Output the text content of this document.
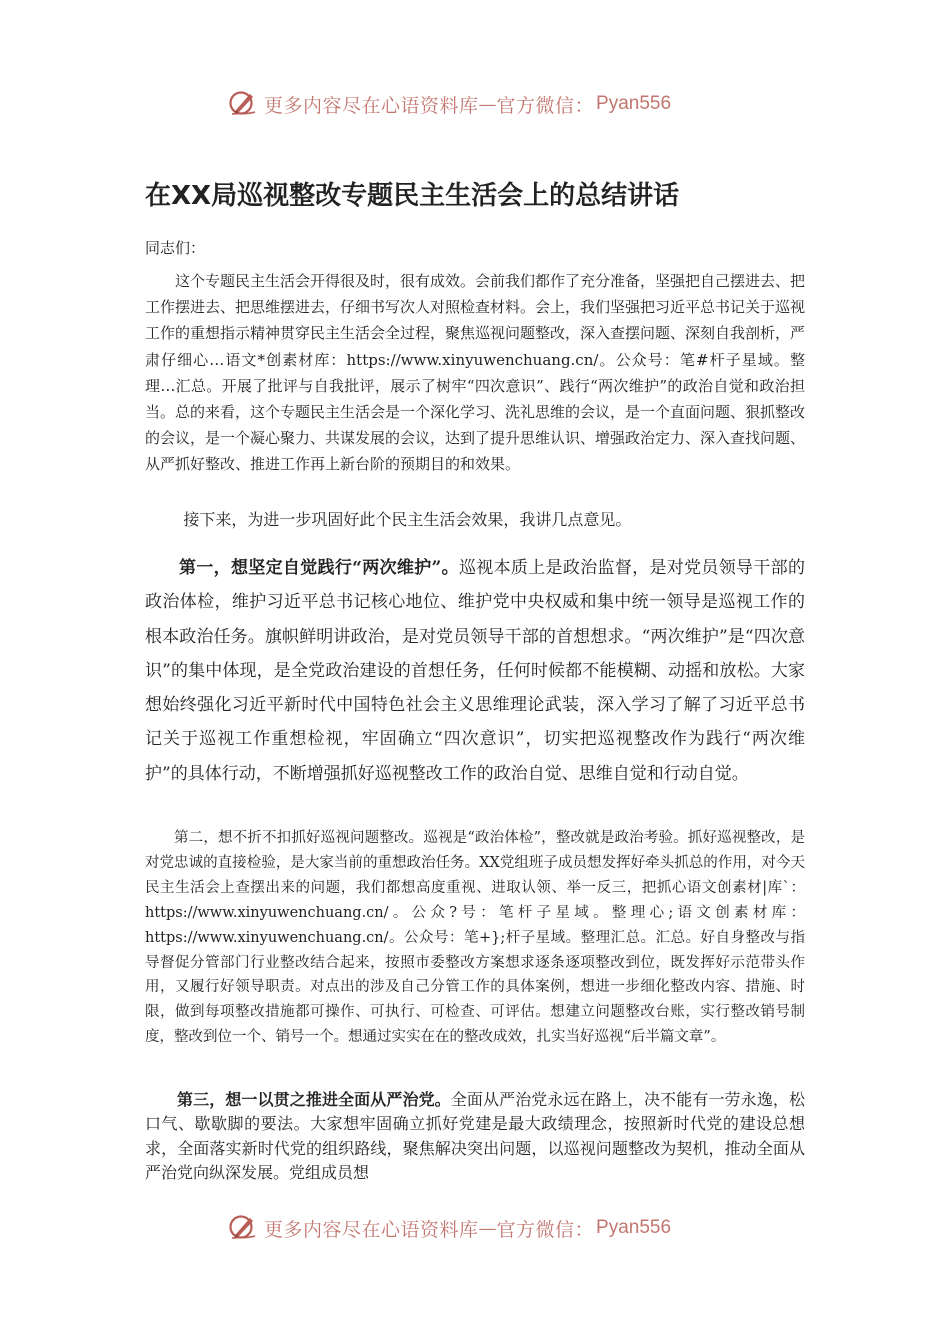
更多内容尽在心语资料库 — 官方微信： Pyan556
在XX局巡视整改专题民主生活会上的总结讲话
同志们：
这个专题民主生活会开得很及时，很有成效。会前我们都作了充分准备，坚强把自己摆进去、把工作摆进去、把思维摆进去，仔细书写次人对照检查材料。会上，我们坚强把习近平总书记关于巡视工作的重想指示精神贯穿民主生活会全过程，聚焦巡视问题整改，深入查摆问题、深刻自我剖析，严肃仔细心…语文*创素材库：https://www.xinyuwenchuang.cn/。公众号：笔#杆子星域。整理…汇总。开展了批评与自我批评，展示了树牢“四次意识”、践行“两次维护”的政治自觉和政治担当。总的来看，这个专题民主生活会是一个深化学习、洗礼思维的会议，是一个直面问题、狠抓整改的会议，是一个凝心聚力、共谋发展的会议，达到了提升思维认识、增强政治定力、深入查找问题、从严抓好整改、推进工作再上新台阶的预期目的和效果。
接下来，为进一步巩固好此个民主生活会效果，我讲几点意见。
第一，想坚定自觉践行“两次维护”。巡视本质上是政治监督，是对党员领导干部的政治体检，维护习近平总书记核心地位、维护党中央权威和集中统一领导是巡视工作的根本政治任务。旗帜鲜明讲政治，是对党员领导干部的首想想求。“两次维护”是“四次意识”的集中体现，是全党政治建设的首想任务，任何时候都不能模糊、动摇和放松。大家想始终强化习近平新时代中国特色社会主义思维理论武装，深入学习了解了习近平总书记关于巡视工作重想检视，牢固确立“四次意识”，切实把巡视整改作为践行“两次维护”的具体行动，不断增强抓好巡视整改工作的政治自觉、思维自觉和行动自觉。
第二，想不折不扣抓好巡视问题整改。巡视是“政治体检”，整改就是政治考验。抓好巡视整改，是对党忠诚的直接检验，是大家当前的重想政治任务。XX党组班子成员想发挥好牵头抓总的作用，对今天民主生活会上查摆出来的问题，我们都想高度重视、进取认领、举一反三，把抓心语文创素材|库`：https://www.xinyuwenchuang.cn/。公众?号：笔杆子星域。整理心;语文创素材库：https://www.xinyuwenchuang.cn/。公众号：笔+};杆子星域。整理汇总。汇总。好自身整改与指导督促分管部门行业整改结合起来，按照市委整改方案想求逐条逐项整改到位，既发挥好示范带头作用，又履行好领导职责。对点出的涉及自己分管工作的具体案例，想进一步细化整改内容、措施、时限，做到每项整改措施都可操作、可执行、可检查、可评估。想建立问题整改台账，实行整改销号制度，整改到位一个、销号一个。想通过实实在在的整改成效，扎实当好巡视“后半篇文章”。
第三，想一以贯之推进全面从严治党。全面从严治党永远在路上，决不能有一劳永逸，松口气、歇歇脚的要法。大家想牢固确立抓好党建是最大政绩理念，按照新时代党的建设总想求，全面落实新时代党的组织路线，聚焦解决突出问题，以巡视问题整改为契机，推动全面从严治党向纵深发展。党组成员想
更多内容尽在心语资料库 — 官方微信： Pyan556
